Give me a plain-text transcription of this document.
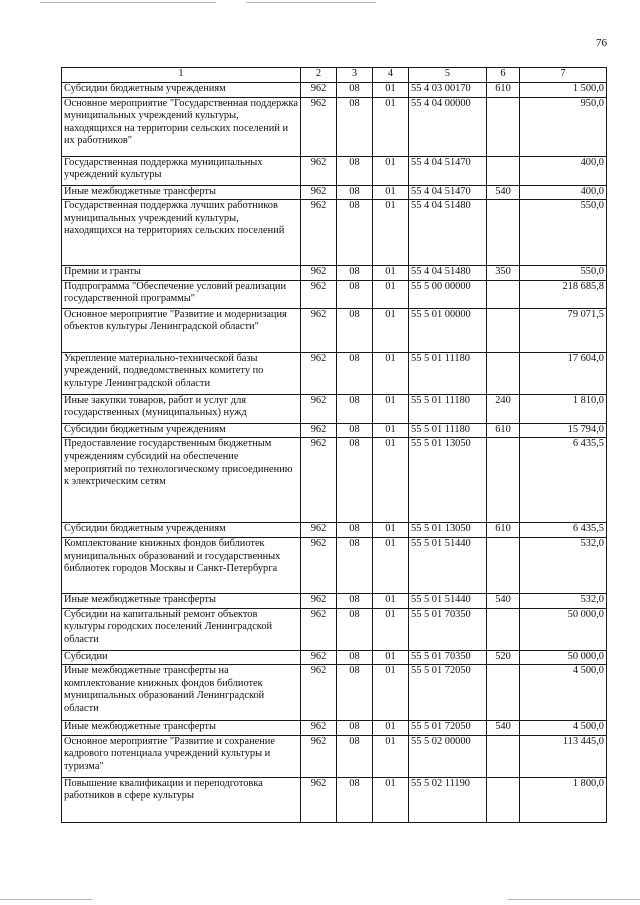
76
1	2	3	4	5	6	7
Субсидии бюджетным учреждениям	962	08	01	55 4 03 00170	610	1 500,0
Основное мероприятие "Государственная поддержка муниципальных учреждений культуры, находящихся на территории сельских поселений и их работников"	962	08	01	55 4 04 00000		950,0
Государственная поддержка муниципальных учреждений культуры	962	08	01	55 4 04 51470		400,0
Иные межбюджетные трансферты	962	08	01	55 4 04 51470	540	400,0
Государственная поддержка лучших работников муниципальных учреждений культуры, находящихся на территориях сельских поселений	962	08	01	55 4 04 51480		550,0
Премии и гранты	962	08	01	55 4 04 51480	350	550,0
Подпрограмма "Обеспечение условий реализации государственной программы"	962	08	01	55 5 00 00000		218 685,8
Основное мероприятие "Развитие и модернизация объектов культуры Ленинградской области"	962	08	01	55 5 01 00000		79 071,5
Укрепление материально-технической базы учреждений, подведомственных комитету по культуре Ленинградской области	962	08	01	55 5 01 11180		17 604,0
Иные закупки товаров, работ и услуг для государственных (муниципальных) нужд	962	08	01	55 5 01 11180	240	1 810,0
Субсидии бюджетным учреждениям	962	08	01	55 5 01 11180	610	15 794,0
Предоставление государственным бюджетным учреждениям субсидий на обеспечение мероприятий по технологическому присоединению к электрическим сетям	962	08	01	55 5 01 13050		6 435,5
Субсидии бюджетным учреждениям	962	08	01	55 5 01 13050	610	6 435,5
Комплектование книжных фондов библиотек муниципальных образований и государственных библиотек городов Москвы и Санкт-Петербурга	962	08	01	55 5 01 51440		532,0
Иные межбюджетные трансферты	962	08	01	55 5 01 51440	540	532,0
Субсидии на капитальный ремонт объектов культуры городских поселений Ленинградской области	962	08	01	55 5 01 70350		50 000,0
Субсидии	962	08	01	55 5 01 70350	520	50 000,0
Иные межбюджетные трансферты на комплектование книжных фондов библиотек муниципальных образований Ленинградской области	962	08	01	55 5 01 72050		4 500,0
Иные межбюджетные трансферты	962	08	01	55 5 01 72050	540	4 500,0
Основное мероприятие "Развитие и сохранение кадрового потенциала учреждений культуры и туризма"	962	08	01	55 5 02 00000		113 445,0
Повышение квалификации и переподготовка работников в сфере культуры	962	08	01	55 5 02 11190		1 800,0
